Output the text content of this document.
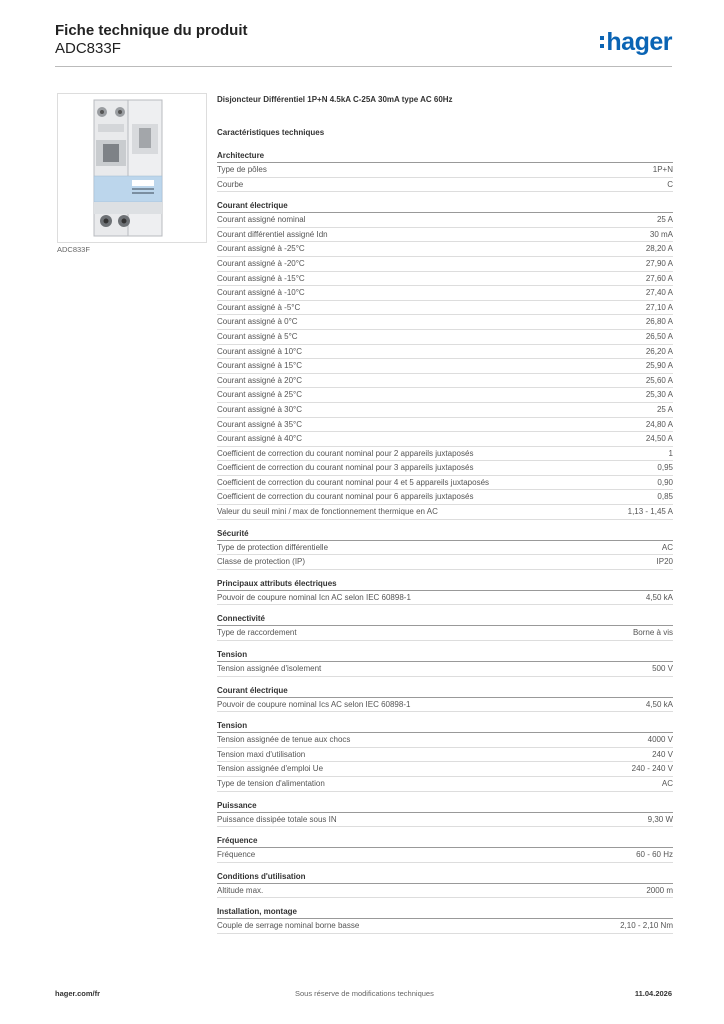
Fiche technique du produit
ADC833F	hager
ADC833F
Disjoncteur Différentiel 1P+N 4.5kA C-25A 30mA type AC 60Hz
Caractéristiques techniques
Architecture
Type de pôles	1P+N
Courbe	C
Courant électrique
Courant assigné nominal	25 A
Courant différentiel assigné Idn	30 mA
Courant assigné à -25°C	28,20 A
Courant assigné à -20°C	27,90 A
Courant assigné à -15°C	27,60 A
Courant assigné à -10°C	27,40 A
Courant assigné à -5°C	27,10 A
Courant assigné à 0°C	26,80 A
Courant assigné à 5°C	26,50 A
Courant assigné à 10°C	26,20 A
Courant assigné à 15°C	25,90 A
Courant assigné à 20°C	25,60 A
Courant assigné à 25°C	25,30 A
Courant assigné à 30°C	25 A
Courant assigné à 35°C	24,80 A
Courant assigné à 40°C	24,50 A
Coefficient de correction du courant nominal pour 2 appareils juxtaposés	1
Coefficient de correction du courant nominal pour 3 appareils juxtaposés	0,95
Coefficient de correction du courant nominal pour 4 et 5 appareils juxtaposés	0,90
Coefficient de correction du courant nominal pour 6 appareils juxtaposés	0,85
Valeur du seuil mini / max de fonctionnement thermique en AC	1,13 - 1,45 A
Sécurité
Type de protection différentielle	AC
Classe de protection (IP)	IP20
Principaux attributs électriques
Pouvoir de coupure nominal Icn AC selon IEC 60898-1	4,50 kA
Connectivité
Type de raccordement	Borne à vis
Tension
Tension assignée d'isolement	500 V
Courant électrique
Pouvoir de coupure nominal Ics AC selon IEC 60898-1	4,50 kA
Tension
Tension assignée de tenue aux chocs	4000 V
Tension maxi d'utilisation	240 V
Tension assignée d'emploi Ue	240 - 240 V
Type de tension d'alimentation	AC
Puissance
Puissance dissipée totale sous IN	9,30 W
Fréquence
Fréquence	60 - 60 Hz
Conditions d'utilisation
Altitude max.	2000 m
Installation, montage
Couple de serrage nominal borne basse	2,10 - 2,10 Nm
hager.com/fr	Sous réserve de modifications techniques	11.04.2026
